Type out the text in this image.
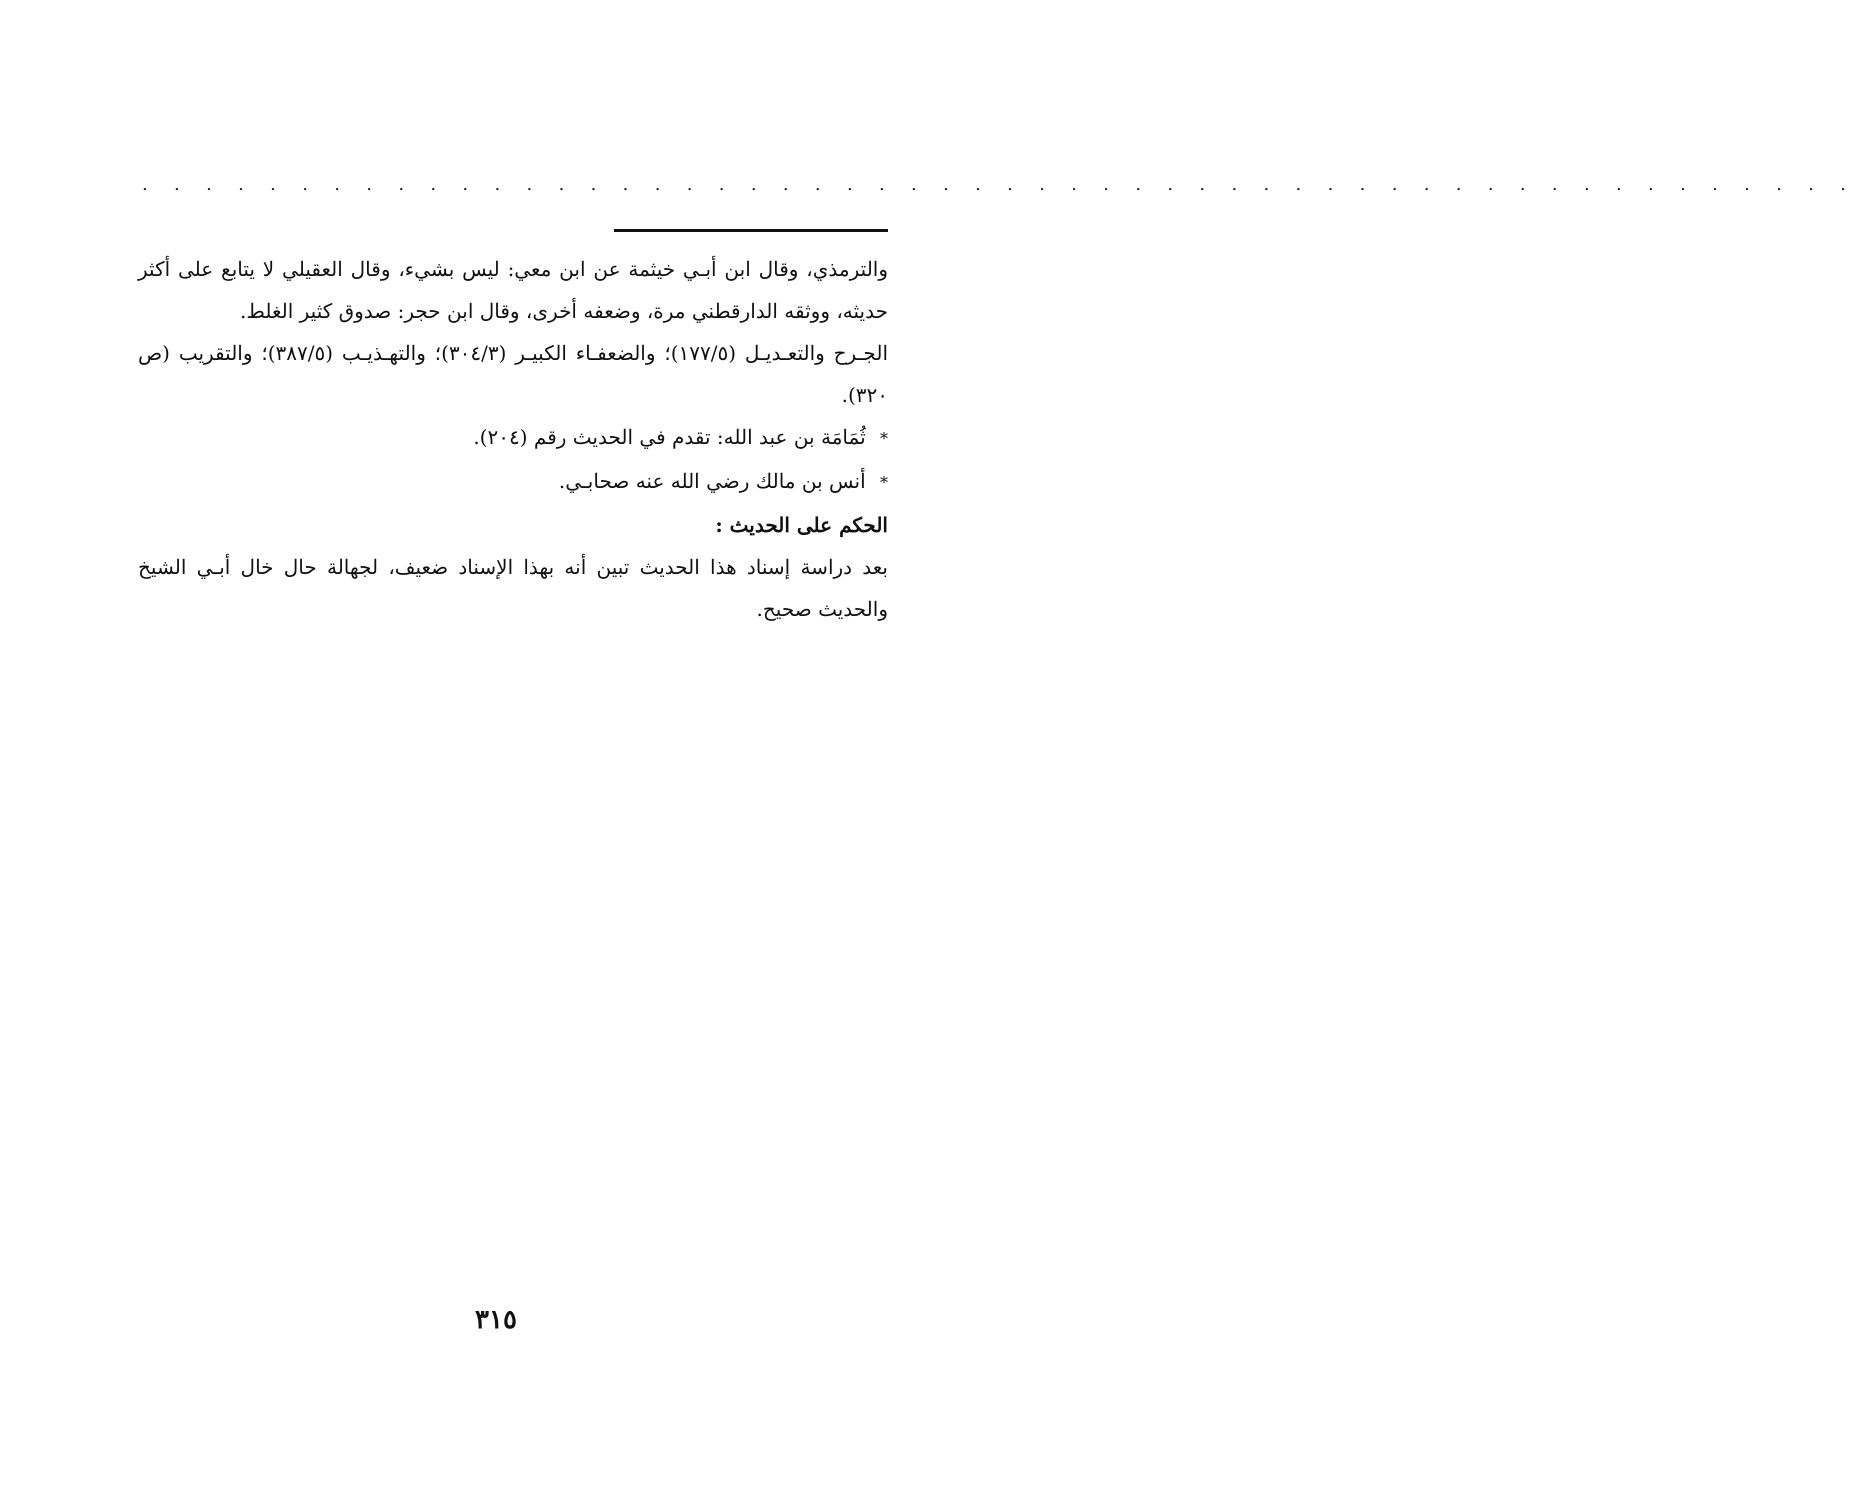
. . . . . . . . . . . . . . . . . . . . . . . . . . . . . . . . . . . . . . . . . . . . . . . . . . . . . .

والترمذي، وقال ابن أبـي خيثمة عن ابن معي: ليس بشيء، وقال العقيلي لا يتابع على أكثر حديثه، ووثقه الدارقطني مرة، وضعفه أخرى، وقال ابن حجر: صدوق كثير الغلط.

الجـرح والتعـديـل (١٧٧/٥)؛ والضعفـاء الكبيـر (٣٠٤/٣)؛ والتهـذيـب (٣٨٧/٥)؛ والتقريب (ص ٣٢٠).

* ثُمَامَة بن عبد الله: تقدم في الحديث رقم (٢٠٤).

* أنس بن مالك رضي الله عنه صحابـي.

الحكم على الحديث :

بعد دراسة إسناد هذا الحديث تبين أنه بهذا الإسناد ضعيف، لجهالة حال خال أبـي الشيخ والحديث صحيح.

٣١٥
